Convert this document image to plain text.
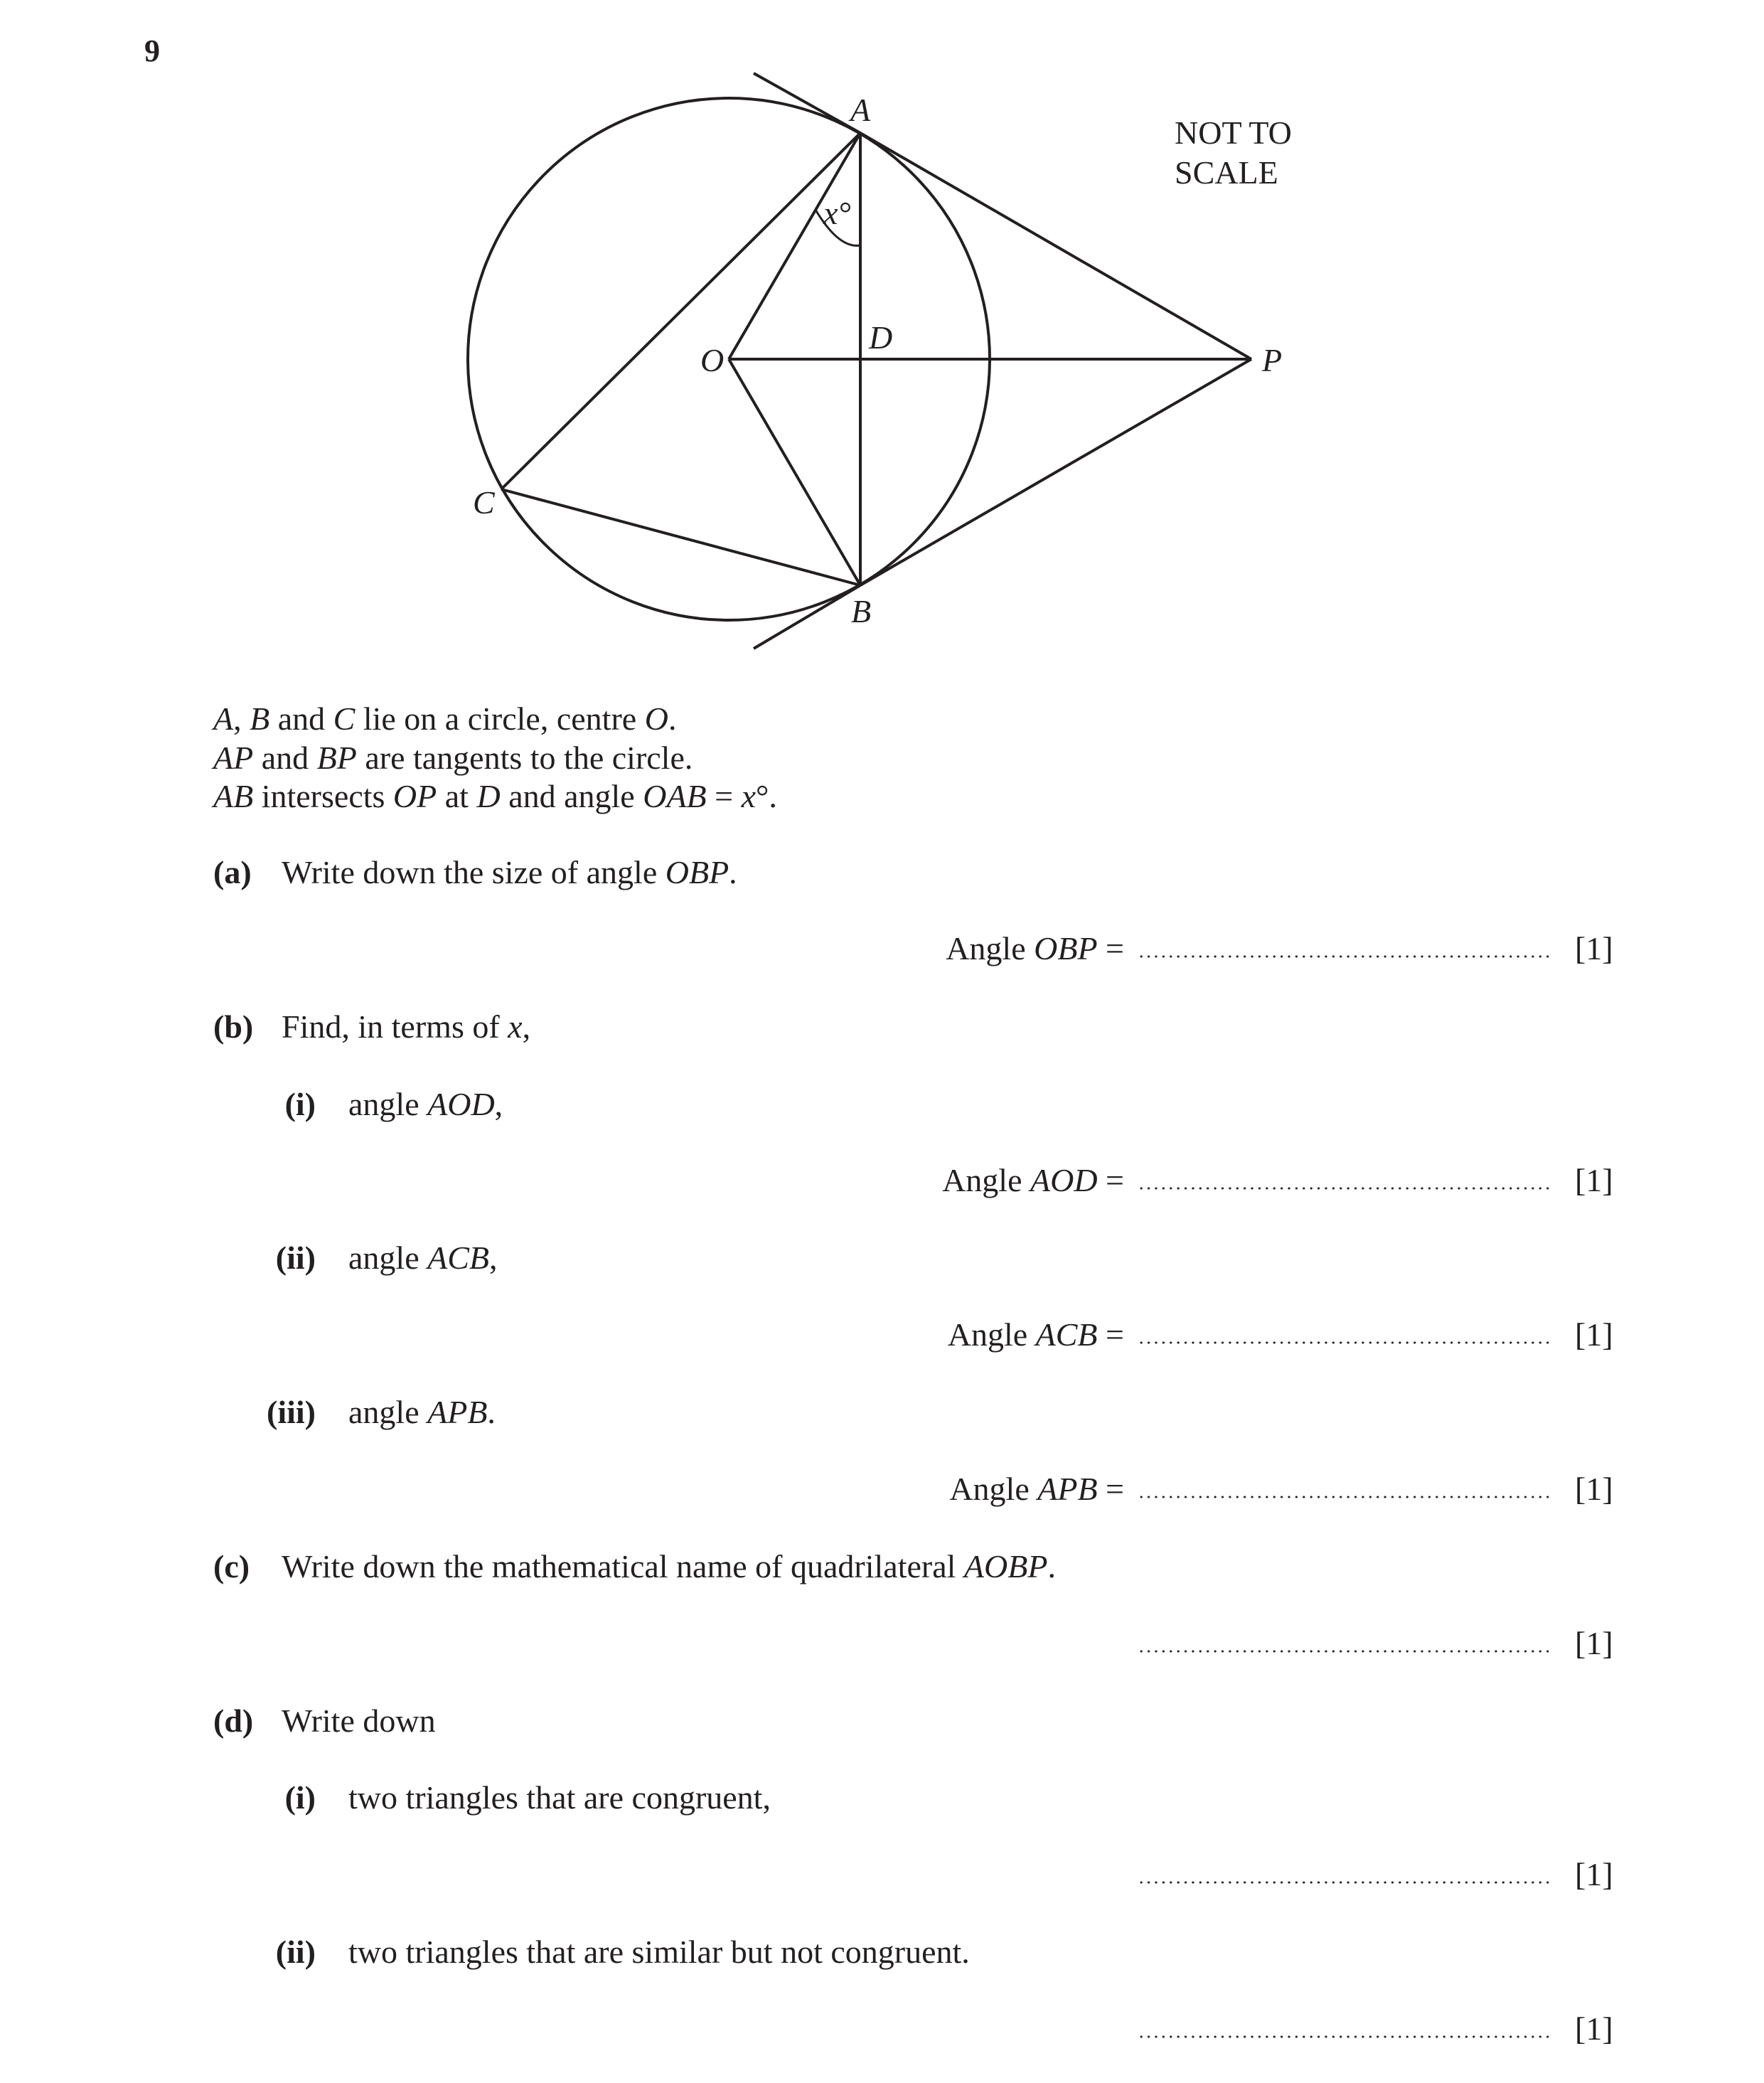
9
A
B
C
D
O	P
x°
NOT TO
SCALE
A, B and C lie on a circle, centre O.
AP and BP are tangents to the circle.
AB intersects OP at D and angle OAB = x°.
(a) Write down the size of angle OBP.
Angle OBP =	[1]
(b) Find, in terms of x,
(i) angle AOD,
Angle AOD =	[1]
(ii) angle ACB,
Angle ACB =	[1]
(iii) angle APB.
Angle APB =	[1]
(c) Write down the mathematical name of quadrilateral AOBP.
[1]
(d) Write down
(i) two triangles that are congruent,
[1]
(ii) two triangles that are similar but not congruent.
[1]
